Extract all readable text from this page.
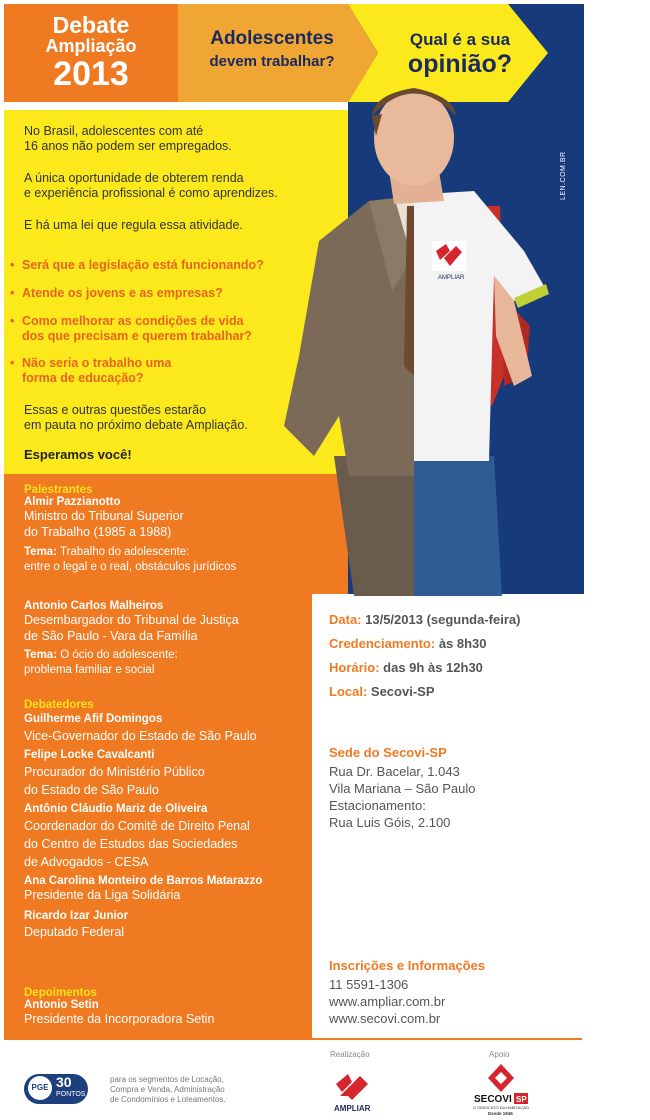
Debate
Ampliação
2013
Adolescentes
devem trabalhar?
Qual é a sua
opinião?
AMPLIAR
LEN.COM.BR
No Brasil, adolescentes com até
16 anos não podem ser empregados.
A única oportunidade de obterem renda
e experiência profissional é como aprendizes.
E há uma lei que regula essa atividade.
• Será que a legislação está funcionando?
• Atende os jovens e as empresas?
• Como melhorar as condições de vida
dos que precisam e querem trabalhar?
• Não seria o trabalho uma
forma de educação?
Essas e outras questões estarão
em pauta no próximo debate Ampliação.
Esperamos você!
Palestrantes
Almir Pazzianotto
Ministro do Tribunal Superior
do Trabalho (1985 a 1988)
Tema: Trabalho do adolescente:
entre o legal e o real, obstáculos jurídicos
Antonio Carlos Malheiros
Desembargador do Tribunal de Justiça
de São Paulo - Vara da Família
Tema: O ócio do adolescente:
problema familiar e social
Debatedores
Guilherme Afif Domingos
Vice-Governador do Estado de São Paulo
Felipe Locke Cavalcanti
Procurador do Ministério Público
do Estado de São Paulo
Antônio Cláudio Mariz de Oliveira
Coordenador do Comitê de Direito Penal
do Centro de Estudos das Sociedades
de Advogados - CESA
Ana Carolina Monteiro de Barros Matarazzo
Presidente da Liga Solidária
Ricardo Izar Junior
Deputado Federal
Depoimentos
Antonio Setin
Presidente da Incorporadora Setin
Data: 13/5/2013 (segunda-feira)
Credenciamento: às 8h30
Horário: das 9h às 12h30
Local: Secovi-SP
Sede do Secovi-SP
Rua Dr. Bacelar, 1.043
Vila Mariana – São Paulo
Estacionamento:
Rua Luis Góis, 2.100
Inscrições e Informações
11 5591-1306
www.ampliar.com.br
www.secovi.com.br
PGE 30
PONTOS
para os segmentos de Locação,
Compra e Venda, Administração
de Condomínios e Loteamentos.
Realização	Apoio
AMPLIAR
SECOVI SP
O SINDICATO DA HABITAÇÃO
Desde 1946
